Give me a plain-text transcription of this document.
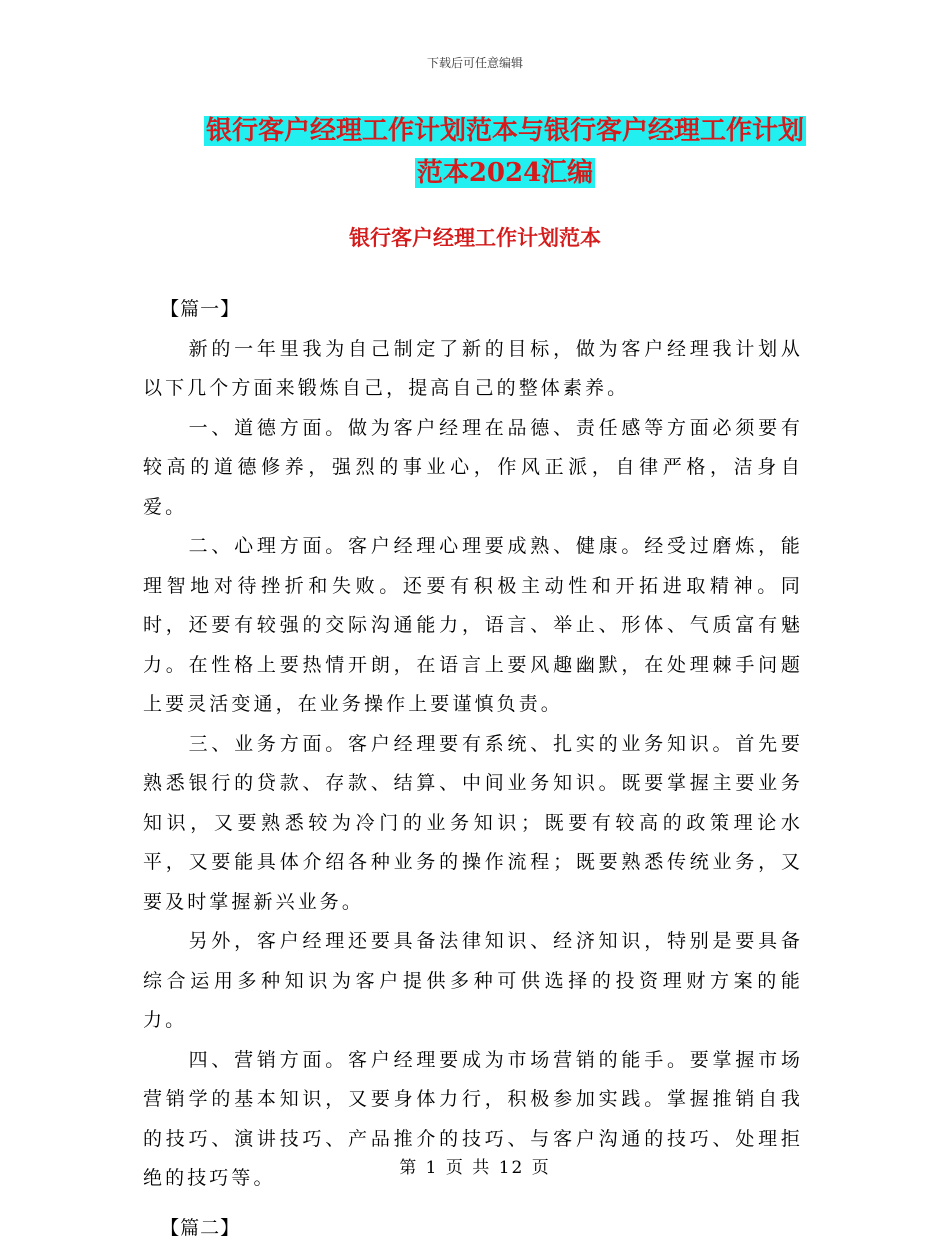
下载后可任意编辑
银行客户经理工作计划范本与银行客户经理工作计划
范本2024汇编
银行客户经理工作计划范本

【篇一】

新的一年里我为自己制定了新的目标，做为客户经理我计划从以下几个方面来锻炼自己，提高自己的整体素养。

一、道德方面。做为客户经理在品德、责任感等方面必须要有较高的道德修养，强烈的事业心，作风正派，自律严格，洁身自爱。

二、心理方面。客户经理心理要成熟、健康。经受过磨炼，能理智地对待挫折和失败。还要有积极主动性和开拓进取精神。同时，还要有较强的交际沟通能力，语言、举止、形体、气质富有魅力。在性格上要热情开朗，在语言上要风趣幽默，在处理棘手问题上要灵活变通，在业务操作上要谨慎负责。

三、业务方面。客户经理要有系统、扎实的业务知识。首先要熟悉银行的贷款、存款、结算、中间业务知识。既要掌握主要业务知识，又要熟悉较为冷门的业务知识；既要有较高的政策理论水平，又要能具体介绍各种业务的操作流程；既要熟悉传统业务，又要及时掌握新兴业务。

另外，客户经理还要具备法律知识、经济知识，特别是要具备综合运用多种知识为客户提供多种可供选择的投资理财方案的能力。

四、营销方面。客户经理要成为市场营销的能手。要掌握市场营销学的基本知识，又要身体力行，积极参加实践。掌握推销自我的技巧、演讲技巧、产品推介的技巧、与客户沟通的技巧、处理拒绝的技巧等。

【篇二】

第 1 页 共 12 页
